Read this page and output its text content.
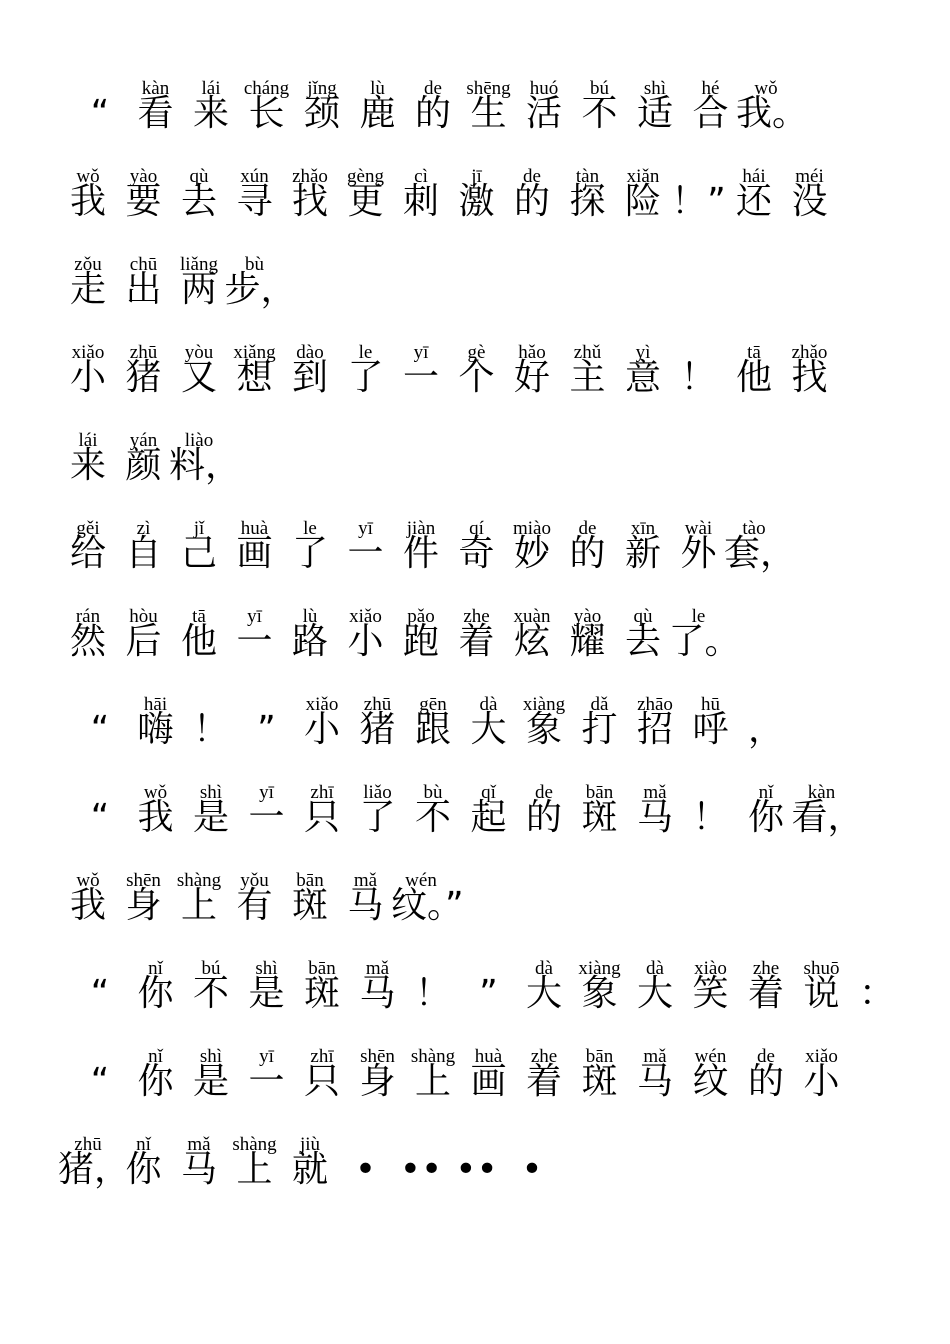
“ 看
kàn
来
lái
长
cháng
颈
jǐng
鹿
lù
的
de
生
shēng
活
huó
不
bú
适
shì
合
hé
我。
wǒ
我
wǒ
要
yào
去
qù
寻
xún
找
zhǎo
更
gèng
刺
cì
激
jī
的
de
探
tàn
险
xiǎn
！” 还
hái
没
méi
走
zǒu
出
chū
两
liǎng
步，
bù
小
xiǎo
猪
zhū
又
yòu
想
xiǎng
到
dào
了
le
一
yī
个
gè
好
hǎo
主
zhǔ
意
yì
！ 他
tā
找
zhǎo
来
lái
颜
yán
料，
liào
给
gěi
自
zì
己
jǐ
画
huà
了
le
一
yī
件
jiàn
奇
qí
妙
miào
的
de
新
xīn
外
wài
套，
tào
然
rán
后
hòu
他
tā
一
yī
路
lù
小
xiǎo
跑
pǎo
着
zhe
炫
xuàn
耀
yào
去
qù
了。
le
“ 嗨
hāi
！ ” 小
xiǎo
猪
zhū
跟
gēn
大
dà
象
xiàng
打
dǎ
招
zhāo
呼
hū
，
“ 我
wǒ
是
shì
一
yī
只
zhī
了
liǎo
不
bù
起
qǐ
的
de
斑
bān
马
mǎ
！ 你
nǐ
看，
kàn
我
wǒ
身
shēn
上
shàng
有
yǒu
斑
bān
马
mǎ
纹。”
wén
“ 你
nǐ
不
bú
是
shì
斑
bān
马
mǎ
！ ” 大
dà
象
xiàng
大
dà
笑
xiào
着
zhe
说
shuō
：
“ 你
nǐ
是
shì
一
yī
只
zhī
身
shēn
上
shàng
画
huà
着
zhe
斑
bān
马
mǎ
纹
wén
的
de
小
xiǎo
猪，
zhū
你
nǐ
马
mǎ
上
shàng
就
jiù
• •• •• •
